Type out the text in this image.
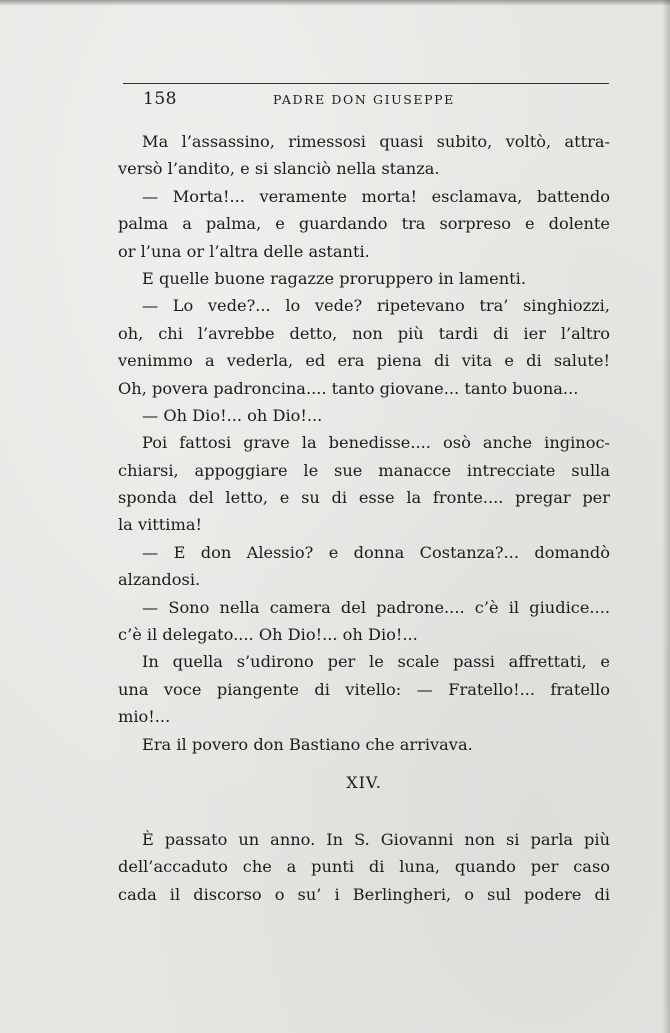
158	PADRE DON GIUSEPPE
Ma l’assassino, rimessosi quasi subito, voltò, attra-
versò l’andito, e si slanciò nella stanza.
— Morta!... veramente morta! esclamava, battendo
palma a palma, e guardando tra sorpreso e dolente
or l’una or l’altra delle astanti.
E quelle buone ragazze proruppero in lamenti.
— Lo vede?... lo vede? ripetevano tra’ singhiozzi,
oh, chi l’avrebbe detto, non più tardi di ier l’altro
venimmo a vederla, ed era piena di vita e di salute!
Oh, povera padroncina.... tanto giovane... tanto buona...
— Oh Dio!... oh Dio!...
Poi fattosi grave la benedisse.... osò anche inginoc-
chiarsi, appoggiare le sue manacce intrecciate sulla
sponda del letto, e su di esse la fronte.... pregar per
la vittima!
— E don Alessio? e donna Costanza?... domandò
alzandosi.
— Sono nella camera del padrone.... c’è il giudice....
c’è il delegato.... Oh Dio!... oh Dio!...
In quella s’udirono per le scale passi affrettati, e
una voce piangente di vitello: — Fratello!... fratello
mio!...
Era il povero don Bastiano che arrivava.
XIV.
È passato un anno. In S. Giovanni non si parla più
dell’accaduto che a punti di luna, quando per caso
cada il discorso o su’ i Berlingheri, o sul podere di
